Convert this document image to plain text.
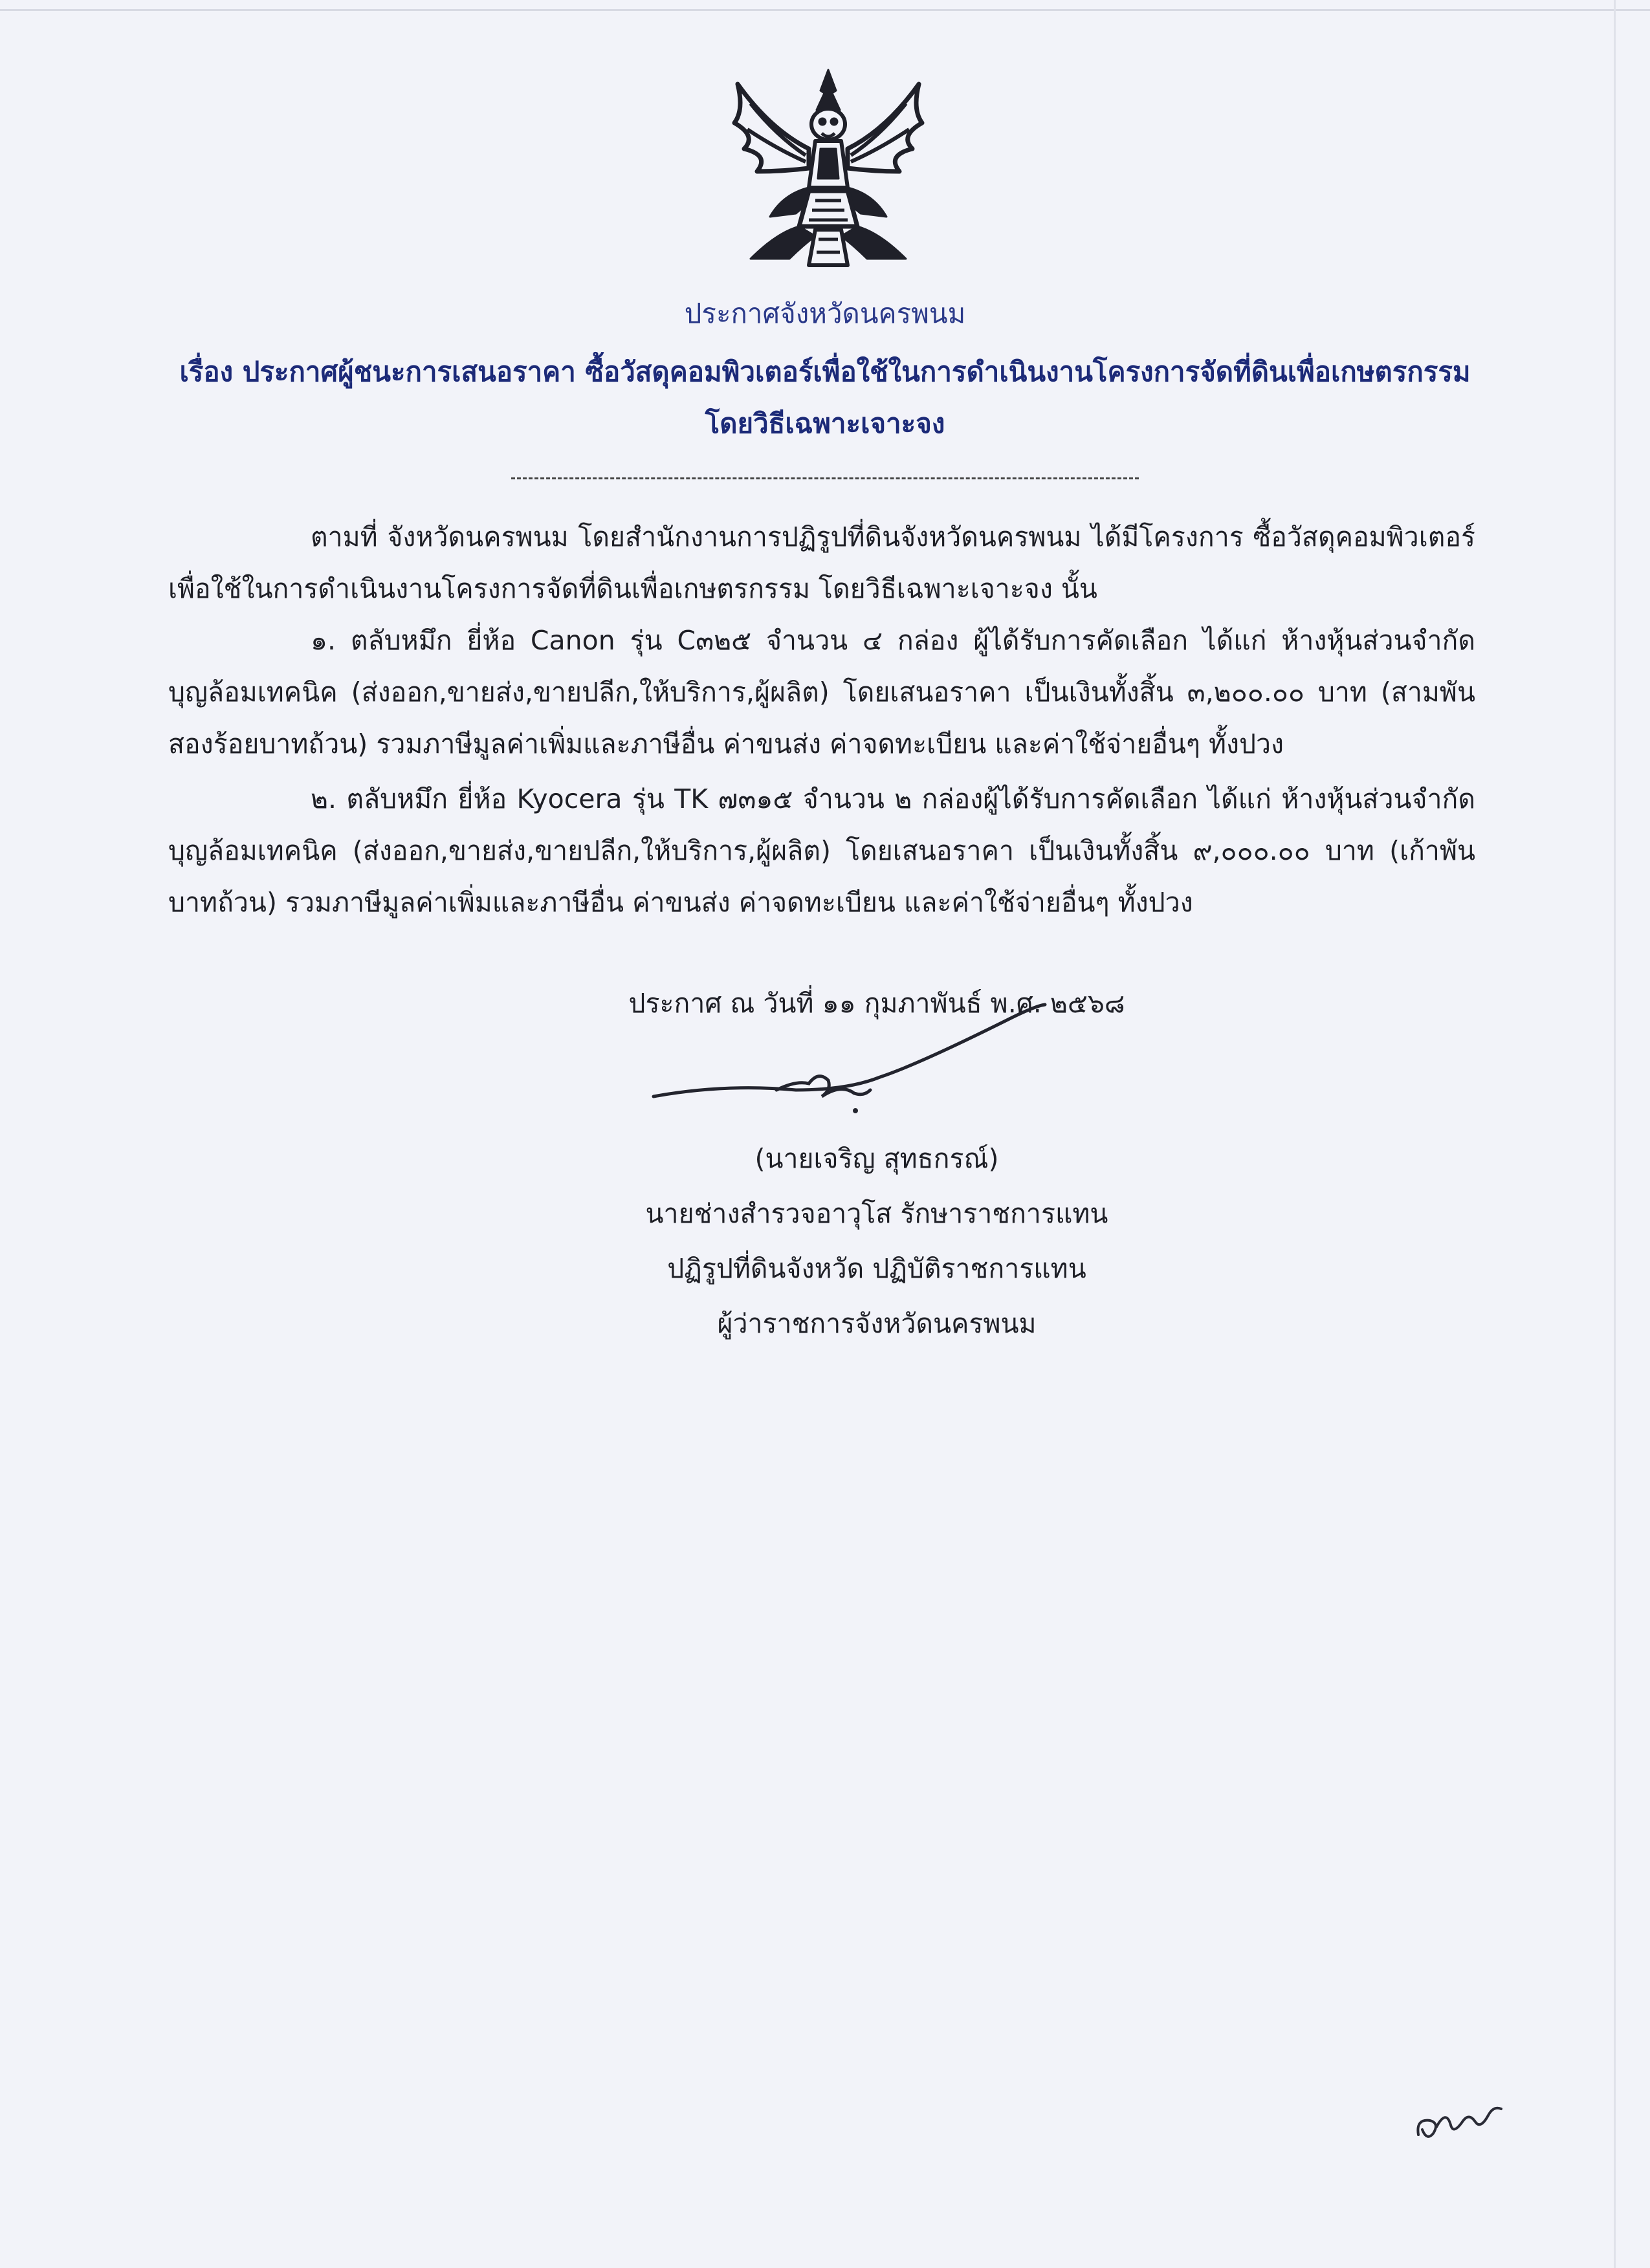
ประกาศจังหวัดนครพนม
เรื่อง ประกาศผู้ชนะการเสนอราคา ซื้อวัสดุคอมพิวเตอร์เพื่อใช้ในการดำเนินงานโครงการจัดที่ดินเพื่อเกษตรกรรม
โดยวิธีเฉพาะเจาะจง
ตามที่ จังหวัดนครพนม โดยสำนักงานการปฏิรูปที่ดินจังหวัดนครพนม ได้มีโครงการ ซื้อวัสดุคอมพิวเตอร์เพื่อใช้ในการดำเนินงานโครงการจัดที่ดินเพื่อเกษตรกรรม โดยวิธีเฉพาะเจาะจง นั้น
๑. ตลับหมึก ยี่ห้อ Canon รุ่น C๓๒๕ จำนวน ๔ กล่อง ผู้ได้รับการคัดเลือก ได้แก่ ห้างหุ้นส่วนจำกัด บุญล้อมเทคนิค (ส่งออก,ขายส่ง,ขายปลีก,ให้บริการ,ผู้ผลิต) โดยเสนอราคา เป็นเงินทั้งสิ้น ๓,๒๐๐.๐๐ บาท (สามพันสองร้อยบาทถ้วน) รวมภาษีมูลค่าเพิ่มและภาษีอื่น ค่าขนส่ง ค่าจดทะเบียน และค่าใช้จ่ายอื่นๆ ทั้งปวง
๒. ตลับหมึก ยี่ห้อ Kyocera รุ่น TK ๗๓๑๕ จำนวน ๒ กล่องผู้ได้รับการคัดเลือก ได้แก่ ห้างหุ้นส่วนจำกัด บุญล้อมเทคนิค (ส่งออก,ขายส่ง,ขายปลีก,ให้บริการ,ผู้ผลิต) โดยเสนอราคา เป็นเงินทั้งสิ้น ๙,๐๐๐.๐๐ บาท (เก้าพันบาทถ้วน) รวมภาษีมูลค่าเพิ่มและภาษีอื่น ค่าขนส่ง ค่าจดทะเบียน และค่าใช้จ่ายอื่นๆ ทั้งปวง
ประกาศ ณ วันที่ ๑๑ กุมภาพันธ์ พ.ศ. ๒๕๖๘
(นายเจริญ สุทธกรณ์)
นายช่างสำรวจอาวุโส รักษาราชการแทน
ปฏิรูปที่ดินจังหวัด ปฏิบัติราชการแทน
ผู้ว่าราชการจังหวัดนครพนม
